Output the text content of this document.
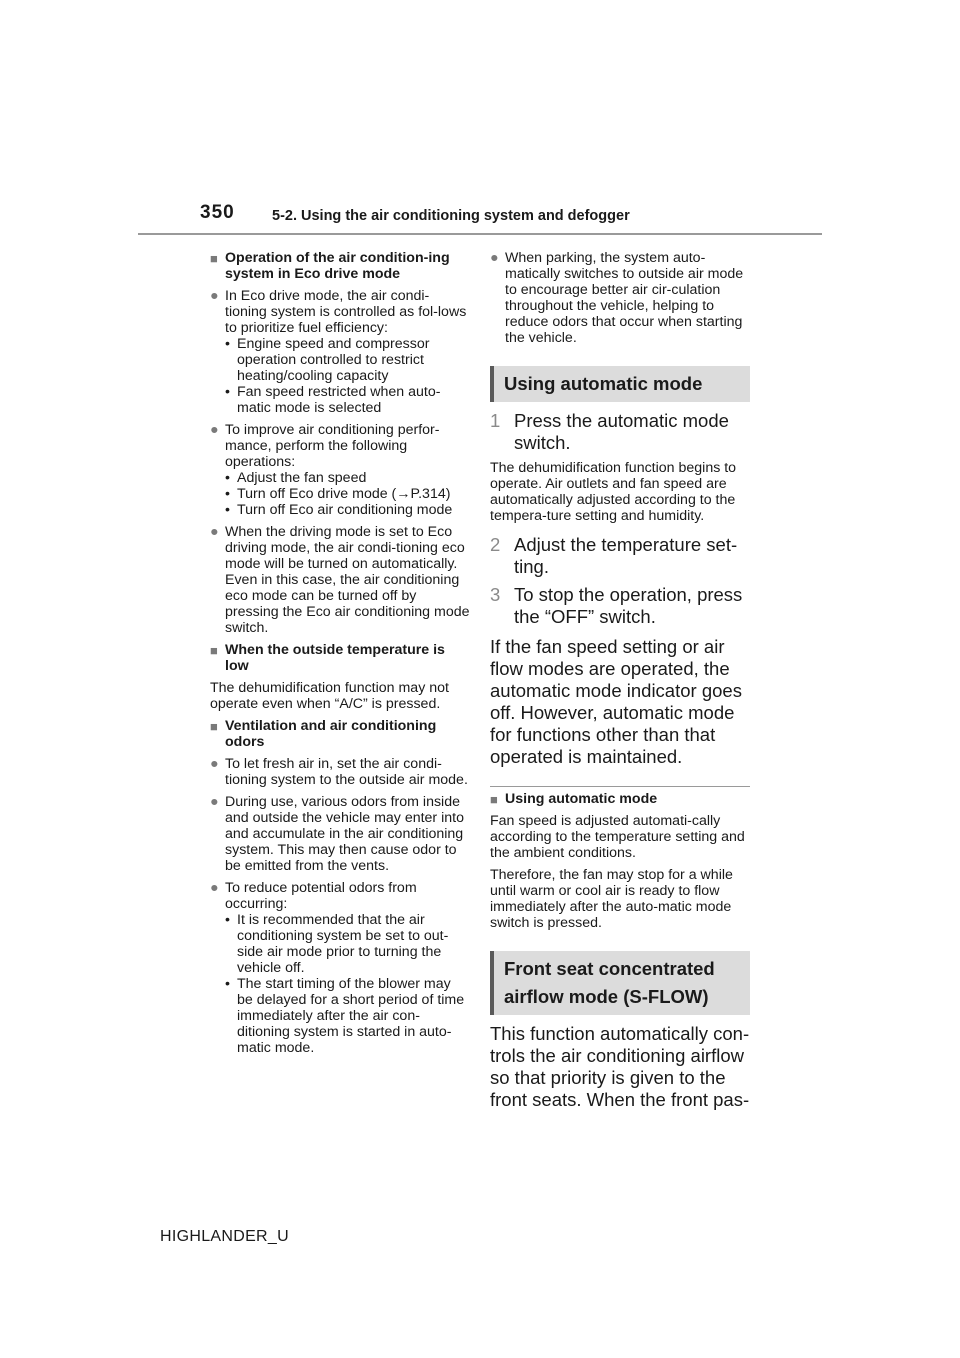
350	5-2. Using the air conditioning system and defogger
■ Operation of the air condition-ing system in Eco drive mode
● In Eco drive mode, the air condi-tioning system is controlled as fol-lows to prioritize fuel efficiency:
• Engine speed and compressor operation controlled to restrict heating/cooling capacity
• Fan speed restricted when auto-matic mode is selected
● To improve air conditioning perfor-mance, perform the following operations:
• Adjust the fan speed
• Turn off Eco drive mode (→P.314)
• Turn off Eco air conditioning mode
● When the driving mode is set to Eco driving mode, the air condi-tioning eco mode will be turned on automatically. Even in this case, the air conditioning eco mode can be turned off by pressing the Eco air conditioning mode switch.
■ When the outside temperature is low
The dehumidification function may not operate even when “A/C” is pressed.
■ Ventilation and air conditioning odors
● To let fresh air in, set the air condi-tioning system to the outside air mode.
● During use, various odors from inside and outside the vehicle may enter into and accumulate in the air conditioning system. This may then cause odor to be emitted from the vents.
● To reduce potential odors from occurring:
• It is recommended that the air conditioning system be set to out-side air mode prior to turning the vehicle off.
• The start timing of the blower may be delayed for a short period of time immediately after the air con-ditioning system is started in auto-matic mode.
● When parking, the system auto-matically switches to outside air mode to encourage better air cir-culation throughout the vehicle, helping to reduce odors that occur when starting the vehicle.
Using automatic mode
1 Press the automatic mode switch.
The dehumidification function begins to operate. Air outlets and fan speed are automatically adjusted according to the tempera-ture setting and humidity.
2 Adjust the temperature set-ting.
3 To stop the operation, press the “OFF” switch.
If the fan speed setting or air flow modes are operated, the automatic mode indicator goes off. However, automatic mode for functions other than that operated is maintained.
■ Using automatic mode
Fan speed is adjusted automati-cally according to the temperature setting and the ambient conditions.
Therefore, the fan may stop for a while until warm or cool air is ready to flow immediately after the auto-matic mode switch is pressed.
Front seat concentrated airflow mode (S-FLOW)
This function automatically con-trols the air conditioning airflow so that priority is given to the front seats. When the front pas-
HIGHLANDER_U
